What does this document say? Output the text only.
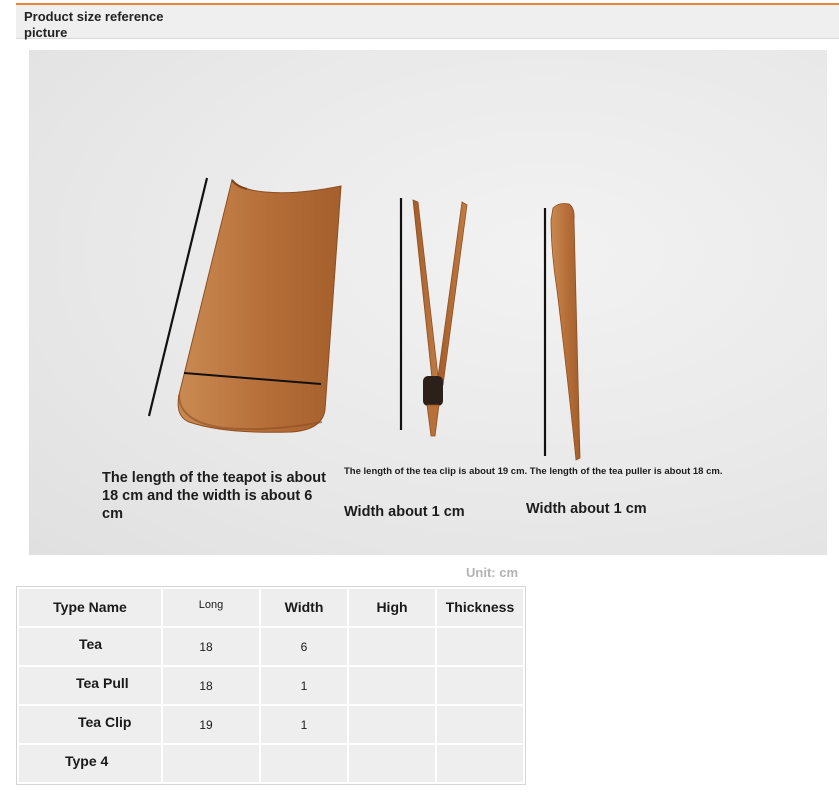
Product size reference picture
The length of the teapot is about 18 cm and the width is about 6 cm
The length of the tea clip is about 19 cm. The length of the tea puller is about 18 cm.
Width about 1 cm	Width about 1 cm
Unit: cm
Type Name	Long	Width	High	Thickness
Tea	18	6		
Tea Pull	18	1		
Tea Clip	19	1		
Type 4				
